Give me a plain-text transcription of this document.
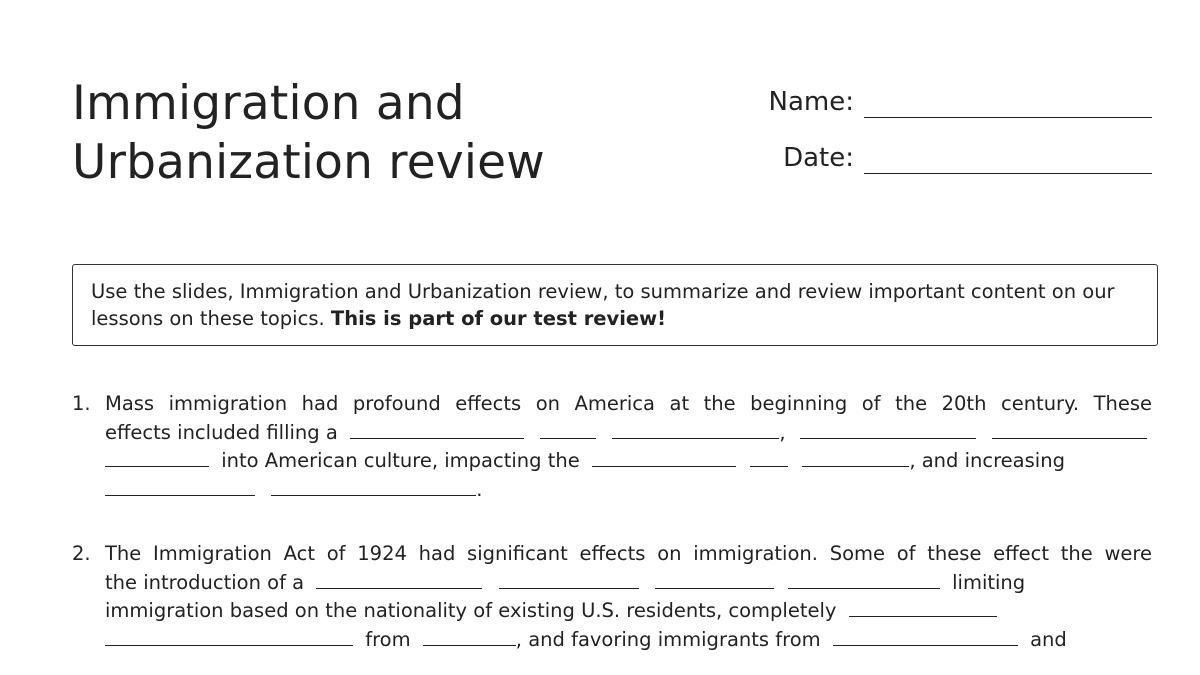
Immigration and
Urbanization review
Name:
Date:
Use the slides, Immigration and Urbanization review, to summarize and review important content on our lessons on these topics. This is part of our test review!
1. Mass immigration had profound effects on America at the beginning of the 20th century. These
effects included filling a	,
into American culture, impacting the	, and increasing
.
2. The Immigration Act of 1924 had significant effects on immigration. Some of these effect the were
the introduction of a	limiting
immigration based on the nationality of existing U.S. residents, completely
from	, and favoring immigrants from	and
